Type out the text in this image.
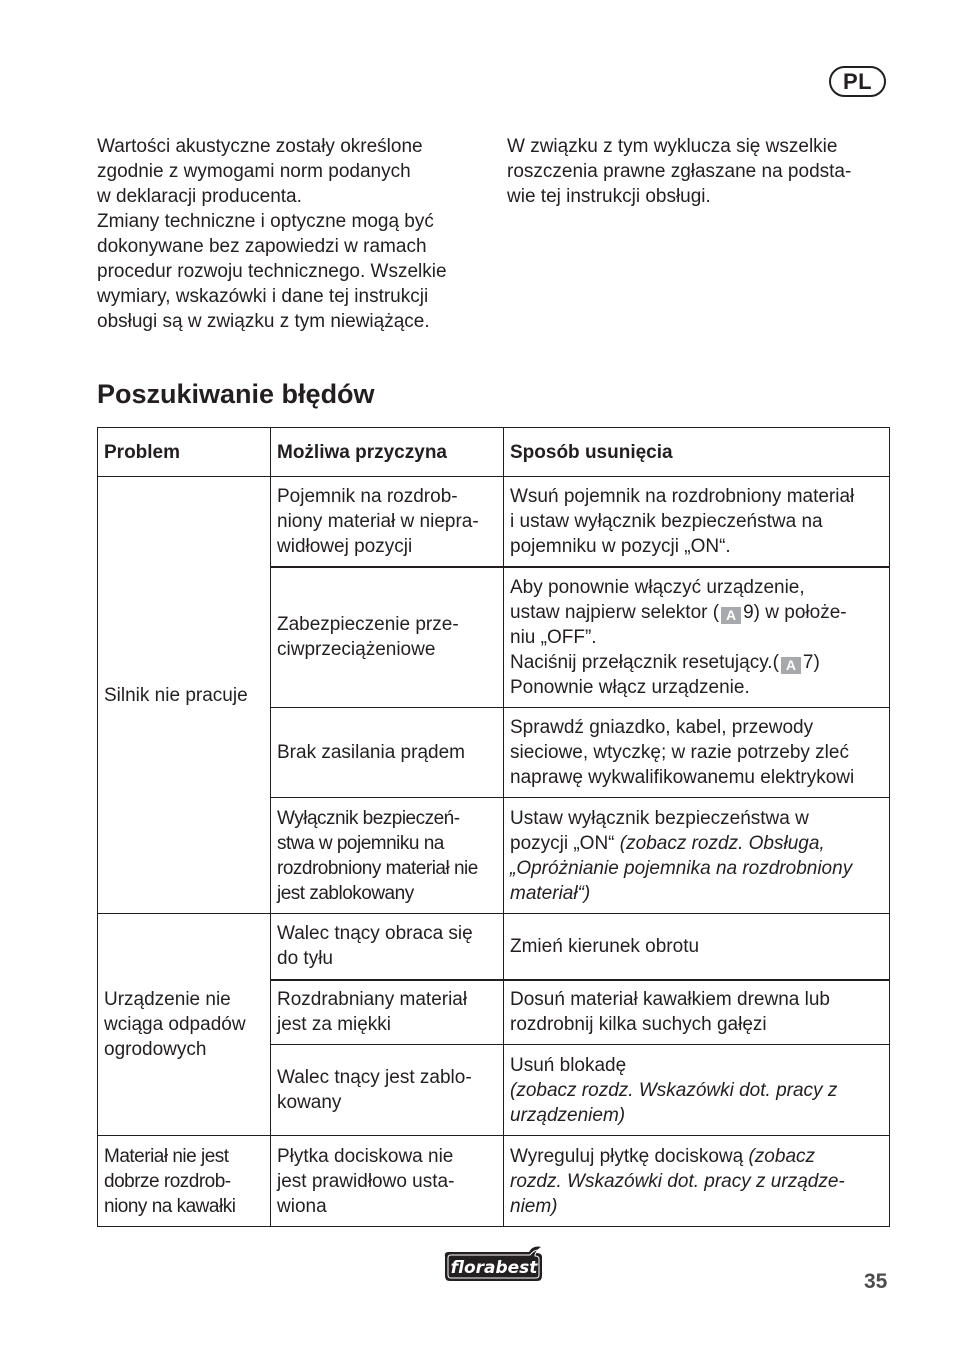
PL
Wartości akustyczne zostały określone
zgodnie z wymogami norm podanych
w deklaracji producenta.
Zmiany techniczne i optyczne mogą być
dokonywane bez zapowiedzi w ramach
procedur rozwoju technicznego. Wszelkie
wymiary, wskazówki i dane tej instrukcji
obsługi są w związku z tym niewiążące.
W związku z tym wyklucza się wszelkie
roszczenia prawne zgłaszane na podsta-
wie tej instrukcji obsługi.
Poszukiwanie błędów
Problem	Możliwa przyczyna	Sposób usunięcia

Silnik nie pracuje	Pojemnik na rozdrob-
niony materiał w niepra-
widłowej pozycji	Wsuń pojemnik na rozdrobniony materiał
i ustaw wyłącznik bezpieczeństwa na
pojemniku w pozycji „ON“.

	Zabezpieczenie prze-
ciwprzeciążeniowe	Aby ponownie włączyć urządzenie,
ustaw najpierw selektor ( A 9) w położe-
niu „OFF”.
Naciśnij przełącznik resetujący.( A 7)
Ponownie włącz urządzenie.

	Brak zasilania prądem	Sprawdź gniazdko, kabel, przewody
sieciowe, wtyczkę; w razie potrzeby zleć
naprawę wykwalifikowanemu elektrykowi

	Wyłącznik bezpieczeń-
stwa w pojemniku na
rozdrobniony materiał nie
jest zablokowany	Ustaw wyłącznik bezpieczeństwa w
pozycji „ON“ (zobacz rozdz. Obsługa,
„Opróżnianie pojemnika na rozdrobniony
materiał“)

Urządzenie nie
wciąga odpadów
ogrodowych	Walec tnący obraca się
do tyłu	Zmień kierunek obrotu

	Rozdrabniany materiał
jest za miękki	Dosuń materiał kawałkiem drewna lub
rozdrobnij kilka suchych gałęzi

	Walec tnący jest zablo-
kowany	Usuń blokadę
(zobacz rozdz. Wskazówki dot. pracy z
urządzeniem)

Materiał nie jest
dobrze rozdrob-
niony na kawałki	Płytka dociskowa nie
jest prawidłowo usta-
wiona	Wyreguluj płytkę dociskową (zobacz
rozdz. Wskazówki dot. pracy z urządze-
niem)
florabest
35
